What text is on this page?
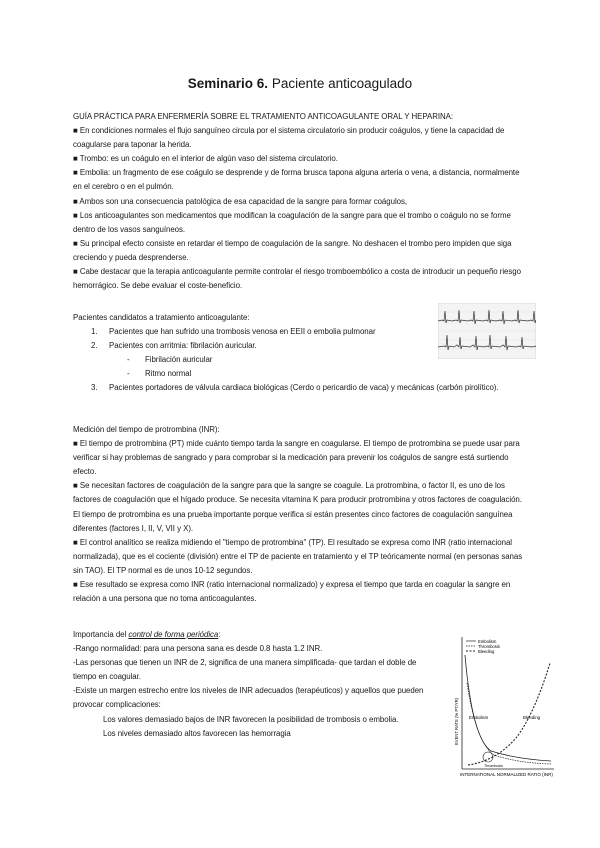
Seminario 6. Paciente anticoagulado

GUÍA PRÁCTICA PARA ENFERMERÍA SOBRE EL TRATAMIENTO ANTICOAGULANTE ORAL Y HEPARINA:

■ En condiciones normales el flujo sanguíneo circula por el sistema circulatorio sin producir coágulos, y tiene la capacidad de coagularse para taponar la herida.

■ Trombo: es un coágulo en el interior de algún vaso del sistema circulatorio.

■ Embolia: un fragmento de ese coágulo se desprende y de forma brusca tapona alguna arteria o vena, a distancia, normalmente en el cerebro o en el pulmón.

■ Ambos son una consecuencia patológica de esa capacidad de la sangre para formar coágulos,

■ Los anticoagulantes son medicamentos que modifican la coagulación de la sangre para que el trombo o coágulo no se forme dentro de los vasos sanguíneos.

■ Su principal efecto consiste en retardar el tiempo de coagulación de la sangre. No deshacen el trombo pero impiden que siga creciendo y pueda desprenderse.

■ Cabe destacar que la terapia anticoagulante permite controlar el riesgo tromboembólico a costa de introducir un pequeño riesgo hemorrágico. Se debe evaluar el coste-beneficio.

Pacientes candidatos a tratamiento anticoagulante:

1.	Pacientes que han sufrido una trombosis venosa en EEII o embolia pulmonar
2.	Pacientes con arritmia: fibrilación auricular.
- Fibrilación auricular
- Ritmo normal
3.	Pacientes portadores de válvula cardiaca biológicas (Cerdo o pericardio de vaca) y mecánicas (carbón pirolítico).

Medición del tiempo de protrombina (INR):

■ El tiempo de protrombina (PT) mide cuánto tiempo tarda la sangre en coagularse. El tiempo de protrombina se puede usar para verificar si hay problemas de sangrado y para comprobar si la medicación para prevenir los coágulos de sangre está surtiendo efecto.

■ Se necesitan factores de coagulación de la sangre para que la sangre se coagule. La protrombina, o factor II, es uno de los factores de coagulación que el hígado produce. Se necesita vitamina K para producir protrombina y otros factores de coagulación. El tiempo de protrombina es una prueba importante porque verifica si están presentes cinco factores de coagulación sanguínea diferentes (factores I, II, V, VII y X).

■ El control analítico se realiza midiendo el "tiempo de protrombina" (TP). El resultado se expresa como INR (ratio internacional normalizada), que es el cociente (división) entre el TP de paciente en tratamiento y el TP teóricamente normal (en personas sanas sin TAO). El TP normal es de unos 10-12 segundos.

■ Ese resultado se expresa como INR (ratio internacional normalizado) y expresa el tiempo que tarda en coagular la sangre en relación a una persona que no toma anticoagulantes.

Importancia del control de forma periódica:

-Rango normalidad: para una persona sana es desde 0.8 hasta 1.2 INR.

-Las personas que tienen un INR de 2, significa de una manera simplificada- que tardan el doble de tiempo en coagular.

-Existe un margen estrecho entre los niveles de INR adecuados (terapéuticos) y aquellos que pueden provocar complicaciones:

Los valores demasiado bajos de INR favorecen la posibilidad de trombosis o embolia.

Los niveles demasiado altos favorecen las hemorragia

Embolism
Thrombosis
Bleeding
Embolism	Bleeding
Thrombosis
EVENT RATE (% PT/YR)
INTERNATIONAL NORMALIZED RATIO (INR)
